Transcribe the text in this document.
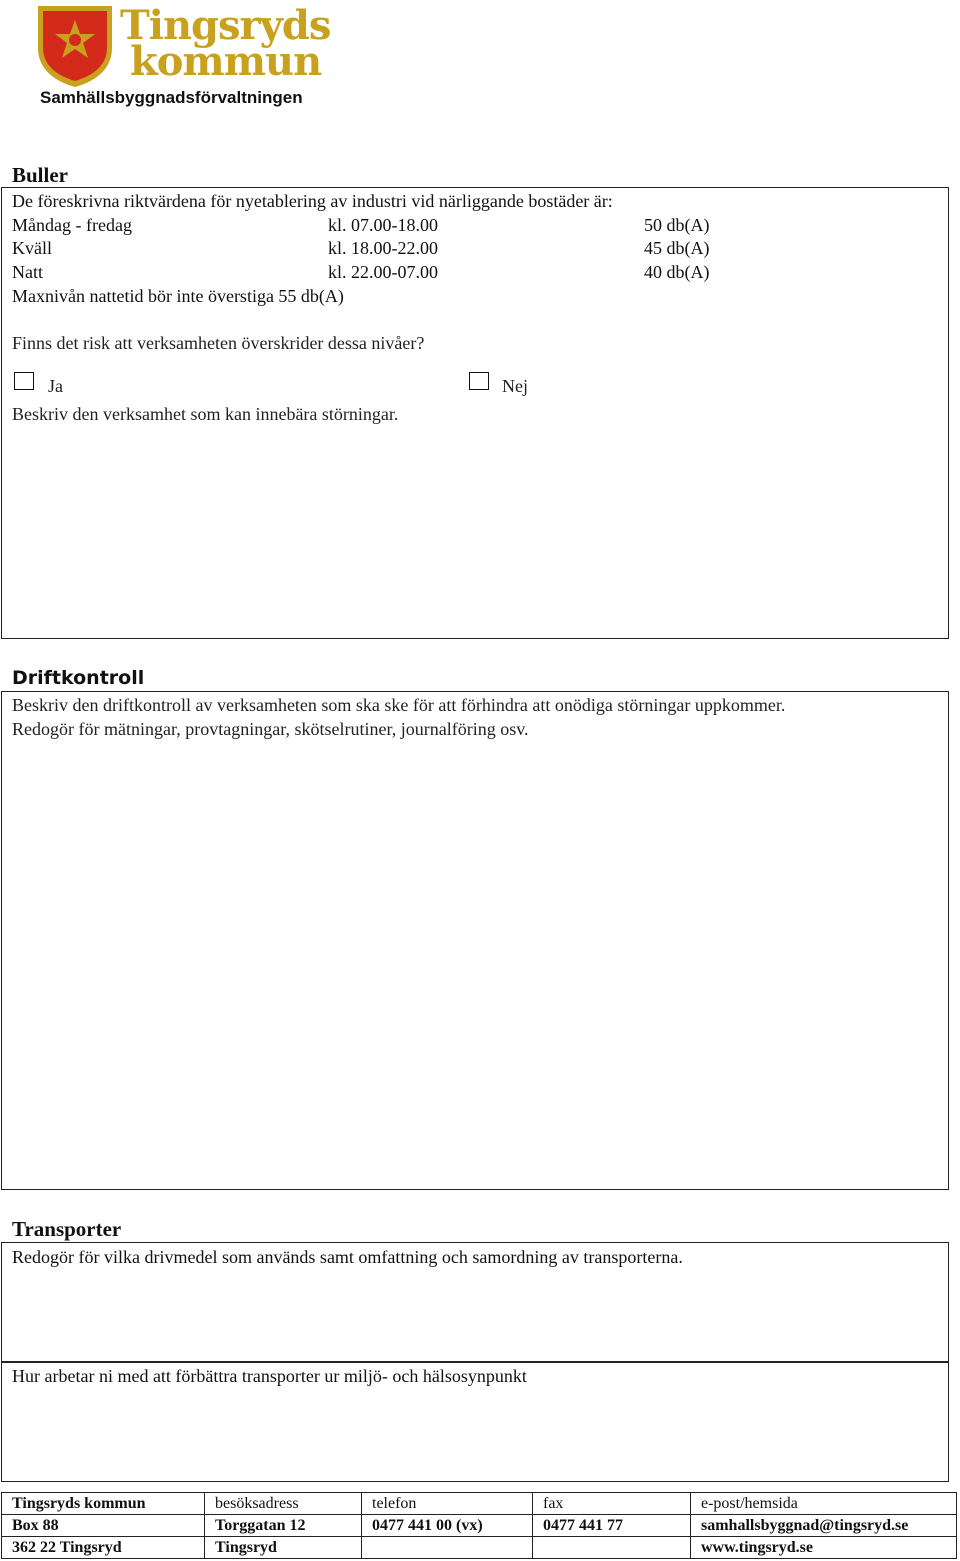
Tingsryds
kommun
Samhällsbyggnadsförvaltningen
Buller
De föreskrivna riktvärdena för nyetablering av industri vid närliggande bostäder är:
Måndag - fredag	kl. 07.00-18.00	50 db(A)
Kväll	kl. 18.00-22.00	45 db(A)
Natt	kl. 22.00-07.00	40 db(A)
Maxnivån nattetid bör inte överstiga 55 db(A)
Finns det risk att verksamheten överskrider dessa nivåer?
Ja	Nej
Beskriv den verksamhet som kan innebära störningar.
Driftkontroll
Beskriv den driftkontroll av verksamheten som ska ske för att förhindra att onödiga störningar uppkommer.
Redogör för mätningar, provtagningar, skötselrutiner, journalföring osv.
Transporter
Redogör för vilka drivmedel som används samt omfattning och samordning av transporterna.
Hur arbetar ni med att förbättra transporter ur miljö- och hälsosynpunkt
Tingsryds kommun	besöksadress	telefon	fax	e-post/hemsida
Box 88	Torggatan 12	0477 441 00 (vx)	0477 441 77	samhallsbyggnad@tingsryd.se
362 22 Tingsryd	Tingsryd			www.tingsryd.se
